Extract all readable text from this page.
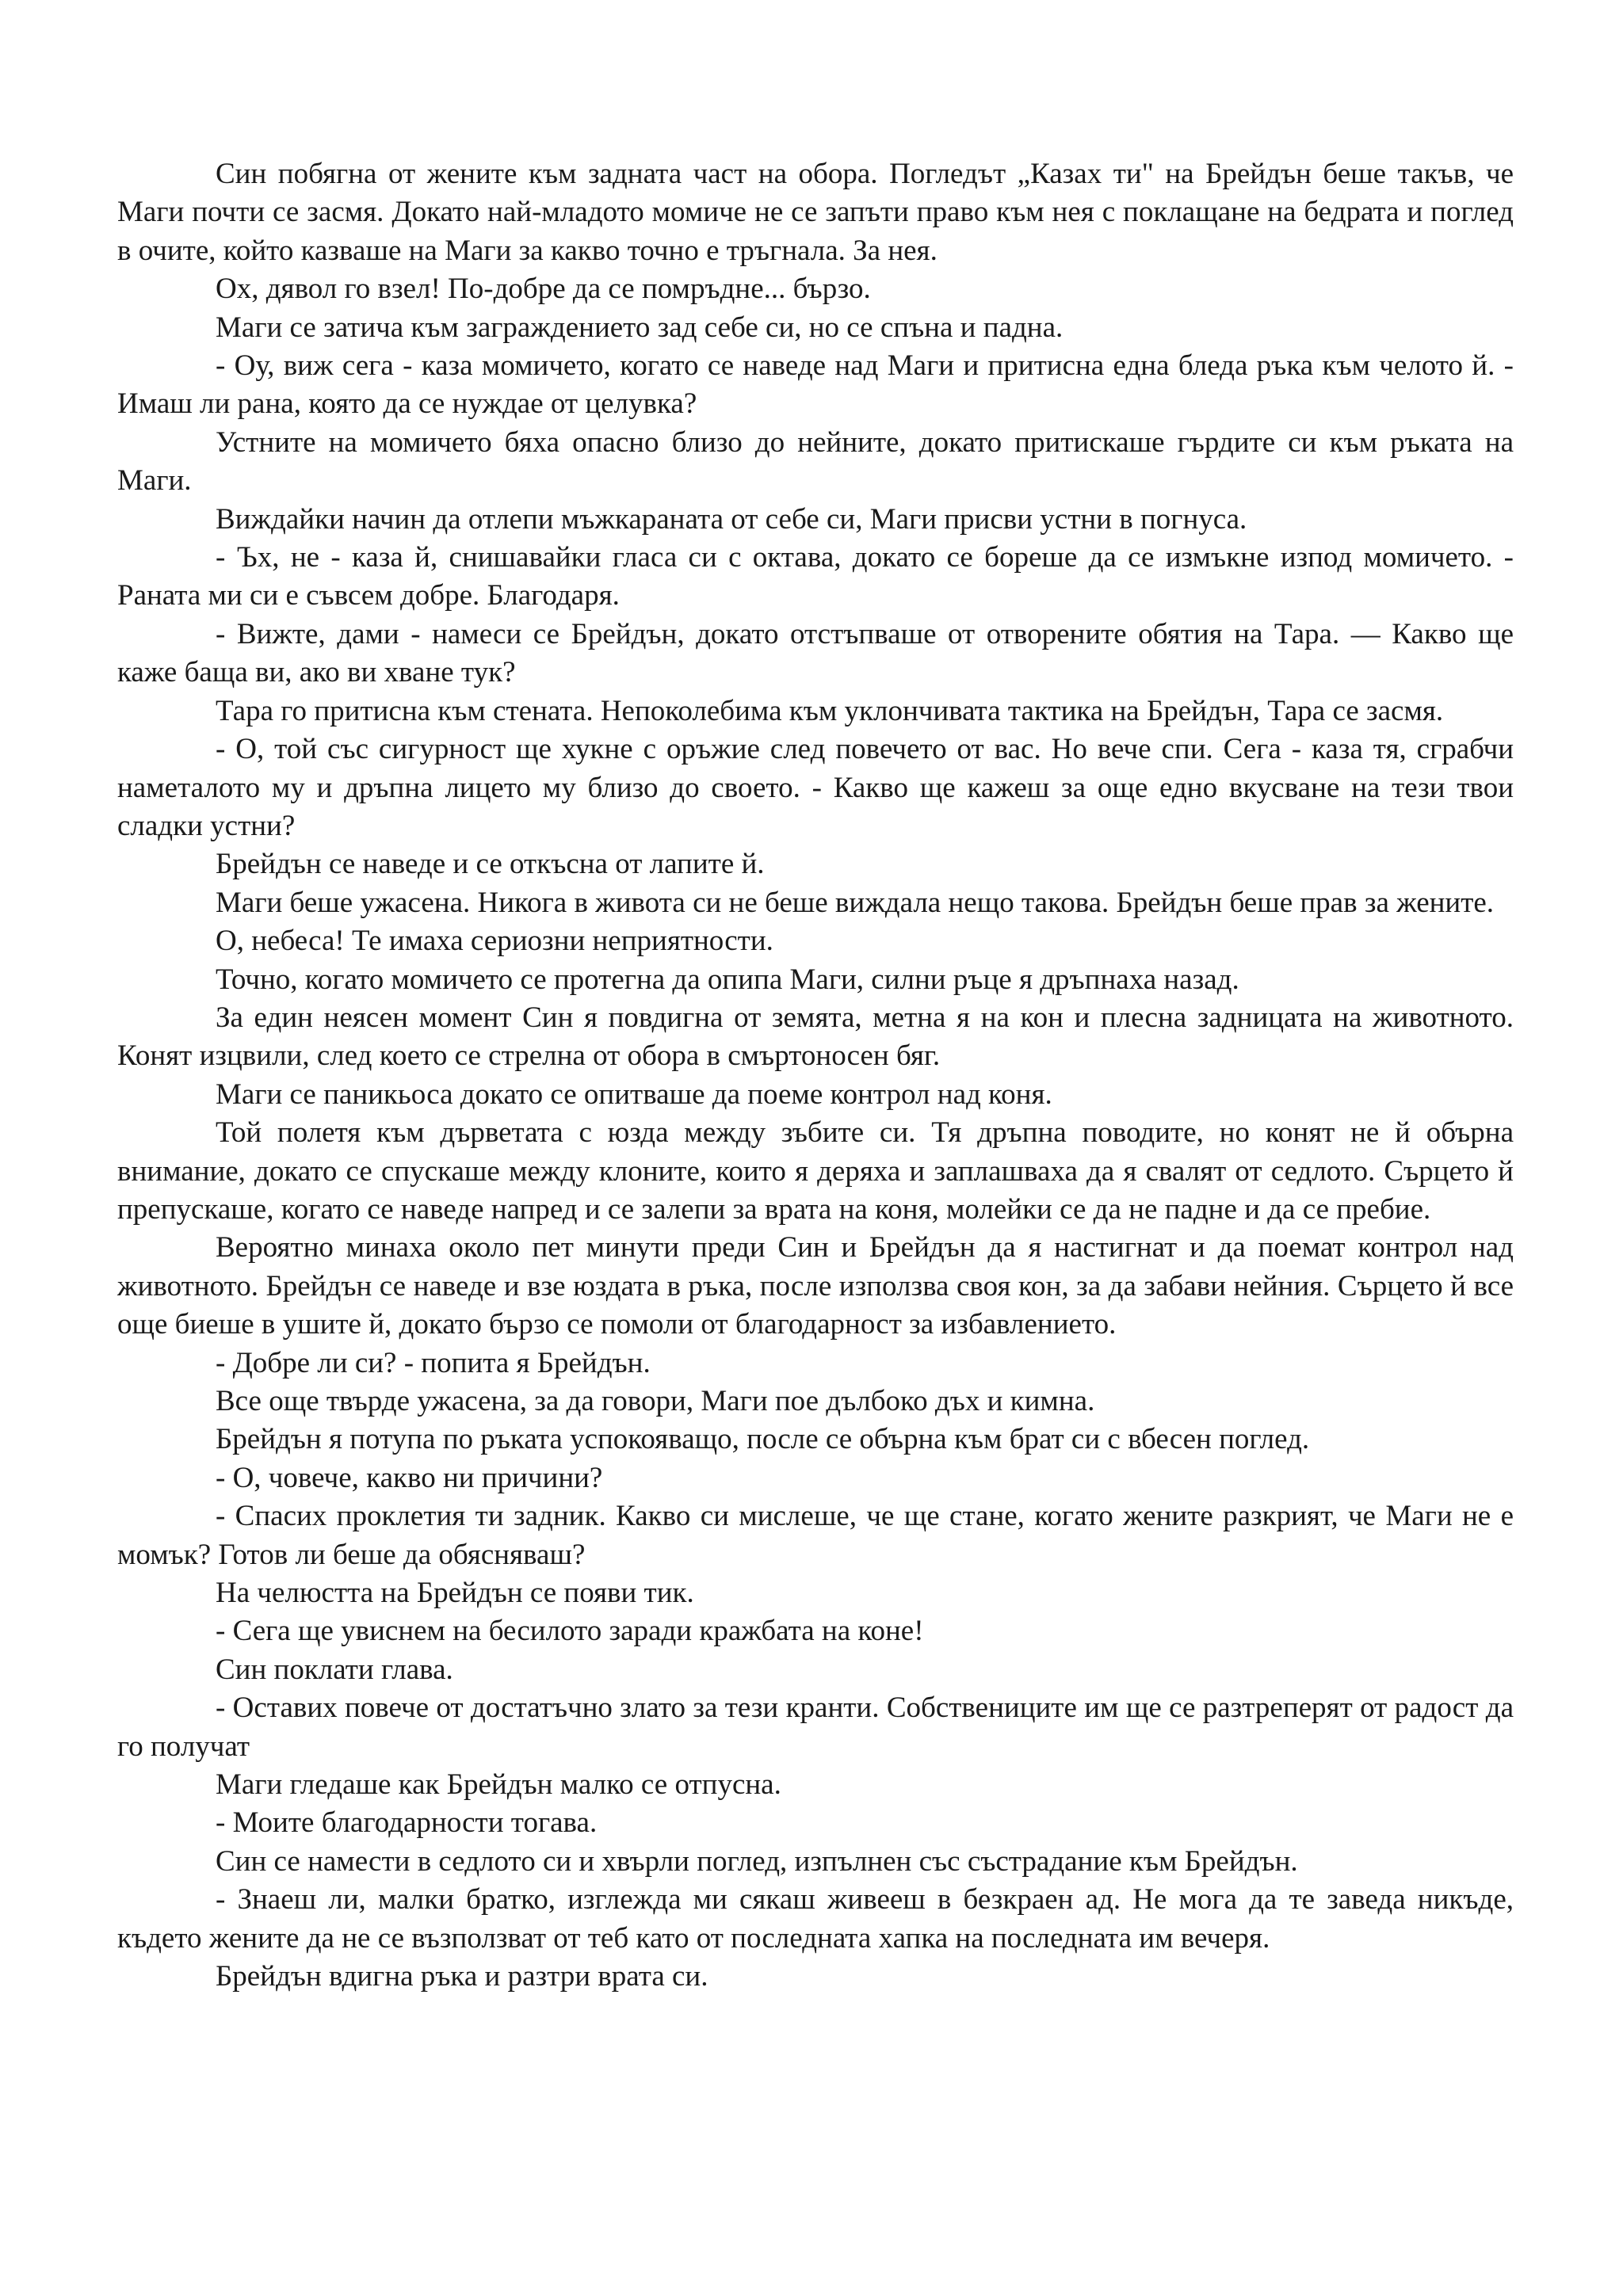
Син побягна от жените към задната част на обора. Погледът „Казах ти" на Брейдън беше такъв, че Маги почти се засмя. Докато най-младото момиче не се запъти право към нея с поклащане на бедрата и поглед в очите, който казваше на Маги за какво точно е тръгнала. За нея.

Ох, дявол го взел! По-добре да се помръдне... бързо.

Маги се затича към заграждението зад себе си, но се спъна и падна.

- Оу, виж сега - каза момичето, когато се наведе над Маги и притисна една бледа ръка към челото й. - Имаш ли рана, която да се нуждае от целувка?

Устните на момичето бяха опасно близо до нейните, докато притискаше гърдите си към ръката на Маги.

Виждайки начин да отлепи мъжкараната от себе си, Маги присви устни в погнуса.

- Ъх, не - каза й, снишавайки гласа си с октава, докато се бореше да се измъкне изпод момичето. - Раната ми си е съвсем добре. Благодаря.

- Вижте, дами - намеси се Брейдън, докато отстъпваше от отворените обятия на Тара. — Какво ще каже баща ви, ако ви хване тук?

Тара го притисна към стената. Непоколебима към уклончивата тактика на Брейдън, Тара се засмя.

- О, той със сигурност ще хукне с оръжие след повечето от вас. Но вече спи. Сега - каза тя, сграбчи наметалото му и дръпна лицето му близо до своето. - Какво ще кажеш за още едно вкусване на тези твои сладки устни?

Брейдън се наведе и се откъсна от лапите й.

Маги беше ужасена. Никога в живота си не беше виждала нещо такова. Брейдън беше прав за жените.

О, небеса! Те имаха сериозни неприятности.

Точно, когато момичето се протегна да опипа Маги, силни ръце я дръпнаха назад.

За един неясен момент Син я повдигна от земята, метна я на кон и плесна задницата на животното. Конят изцвили, след което се стрелна от обора в смъртоносен бяг.

Маги се паникьоса докато се опитваше да поеме контрол над коня.

Той полетя към дърветата с юзда между зъбите си. Тя дръпна поводите, но конят не й обърна внимание, докато се спускаше между клоните, които я деряха и заплашваха да я свалят от седлото. Сърцето й препускаше, когато се наведе напред и се залепи за врата на коня, молейки се да не падне и да се пребие.

Вероятно минаха около пет минути преди Син и Брейдън да я настигнат и да поемат контрол над животното. Брейдън се наведе и взе юздата в ръка, после използва своя кон, за да забави нейния. Сърцето й все още биеше в ушите й, докато бързо се помоли от благодарност за избавлението.

- Добре ли си? - попита я Брейдън.

Все още твърде ужасена, за да говори, Маги пое дълбоко дъх и кимна.

Брейдън я потупа по ръката успокояващо, после се обърна към брат си с вбесен поглед.

- О, човече, какво ни причини?

- Спасих проклетия ти задник. Какво си мислеше, че ще стане, когато жените разкрият, че Маги не е момък? Готов ли беше да обясняваш?

На челюстта на Брейдън се появи тик.

- Сега ще увиснем на бесилото заради кражбата на коне!

Син поклати глава.

- Оставих повече от достатъчно злато за тези кранти. Собствениците им ще се разтреперят от радост да го получат

Маги гледаше как Брейдън малко се отпусна.

- Моите благодарности тогава.

Син се намести в седлото си и хвърли поглед, изпълнен със състрадание към Брейдън.

- Знаеш ли, малки братко, изглежда ми сякаш живееш в безкраен ад. Не мога да те заведа никъде, където жените да не се възползват от теб като от последната хапка на последната им вечеря.

Брейдън вдигна ръка и разтри врата си.
